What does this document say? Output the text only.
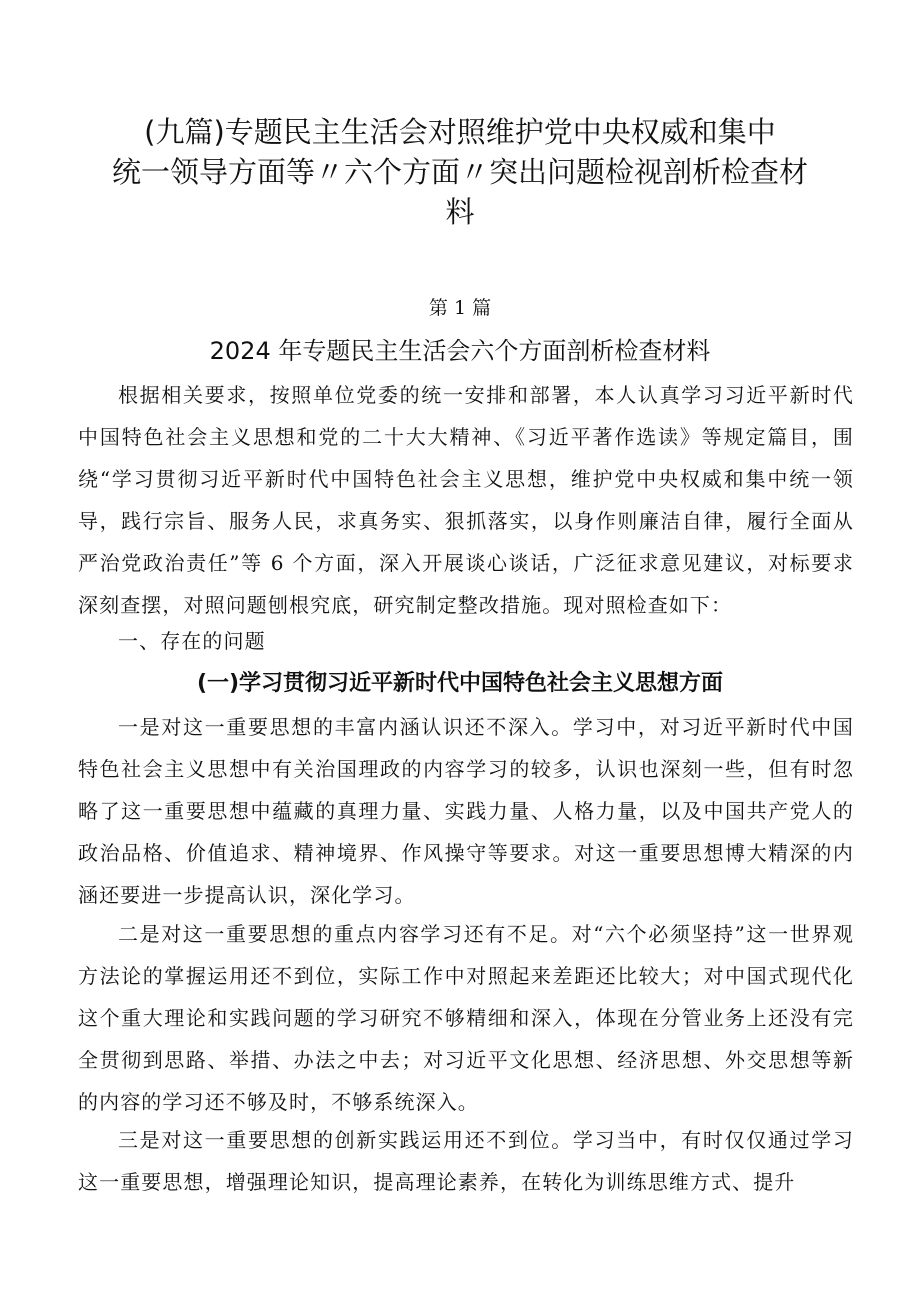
(九篇)专题民主生活会对照维护党中央权威和集中
统一领导方面等〃六个方面〃突出问题检视剖析检查材
料
第 1 篇
2024 年专题民主生活会六个方面剖析检查材料

根据相关要求，按照单位党委的统一安排和部署，本人认真学习习近平新时代中国特色社会主义思想和党的二十大大精神、《习近平著作选读》等规定篇目，围绕“学习贯彻习近平新时代中国特色社会主义思想，维护党中央权威和集中统一领导，践行宗旨、服务人民，求真务实、狠抓落实，以身作则廉洁自律，履行全面从严治党政治责任”等 6 个方面，深入开展谈心谈话，广泛征求意见建议，对标要求深刻查摆，对照问题刨根究底，研究制定整改措施。现对照检查如下：

一、存在的问题

(一)学习贯彻习近平新时代中国特色社会主义思想方面

一是对这一重要思想的丰富内涵认识还不深入。学习中，对习近平新时代中国特色社会主义思想中有关治国理政的内容学习的较多，认识也深刻一些，但有时忽略了这一重要思想中蕴藏的真理力量、实践力量、人格力量，以及中国共产党人的政治品格、价值追求、精神境界、作风操守等要求。对这一重要思想博大精深的内涵还要进一步提高认识，深化学习。

二是对这一重要思想的重点内容学习还有不足。对“六个必须坚持”这一世界观方法论的掌握运用还不到位，实际工作中对照起来差距还比较大；对中国式现代化这个重大理论和实践问题的学习研究不够精细和深入，体现在分管业务上还没有完全贯彻到思路、举措、办法之中去；对习近平文化思想、经济思想、外交思想等新的内容的学习还不够及时，不够系统深入。

三是对这一重要思想的创新实践运用还不到位。学习当中，有时仅仅通过学习这一重要思想，增强理论知识，提高理论素养，在转化为训练思维方式、提升
